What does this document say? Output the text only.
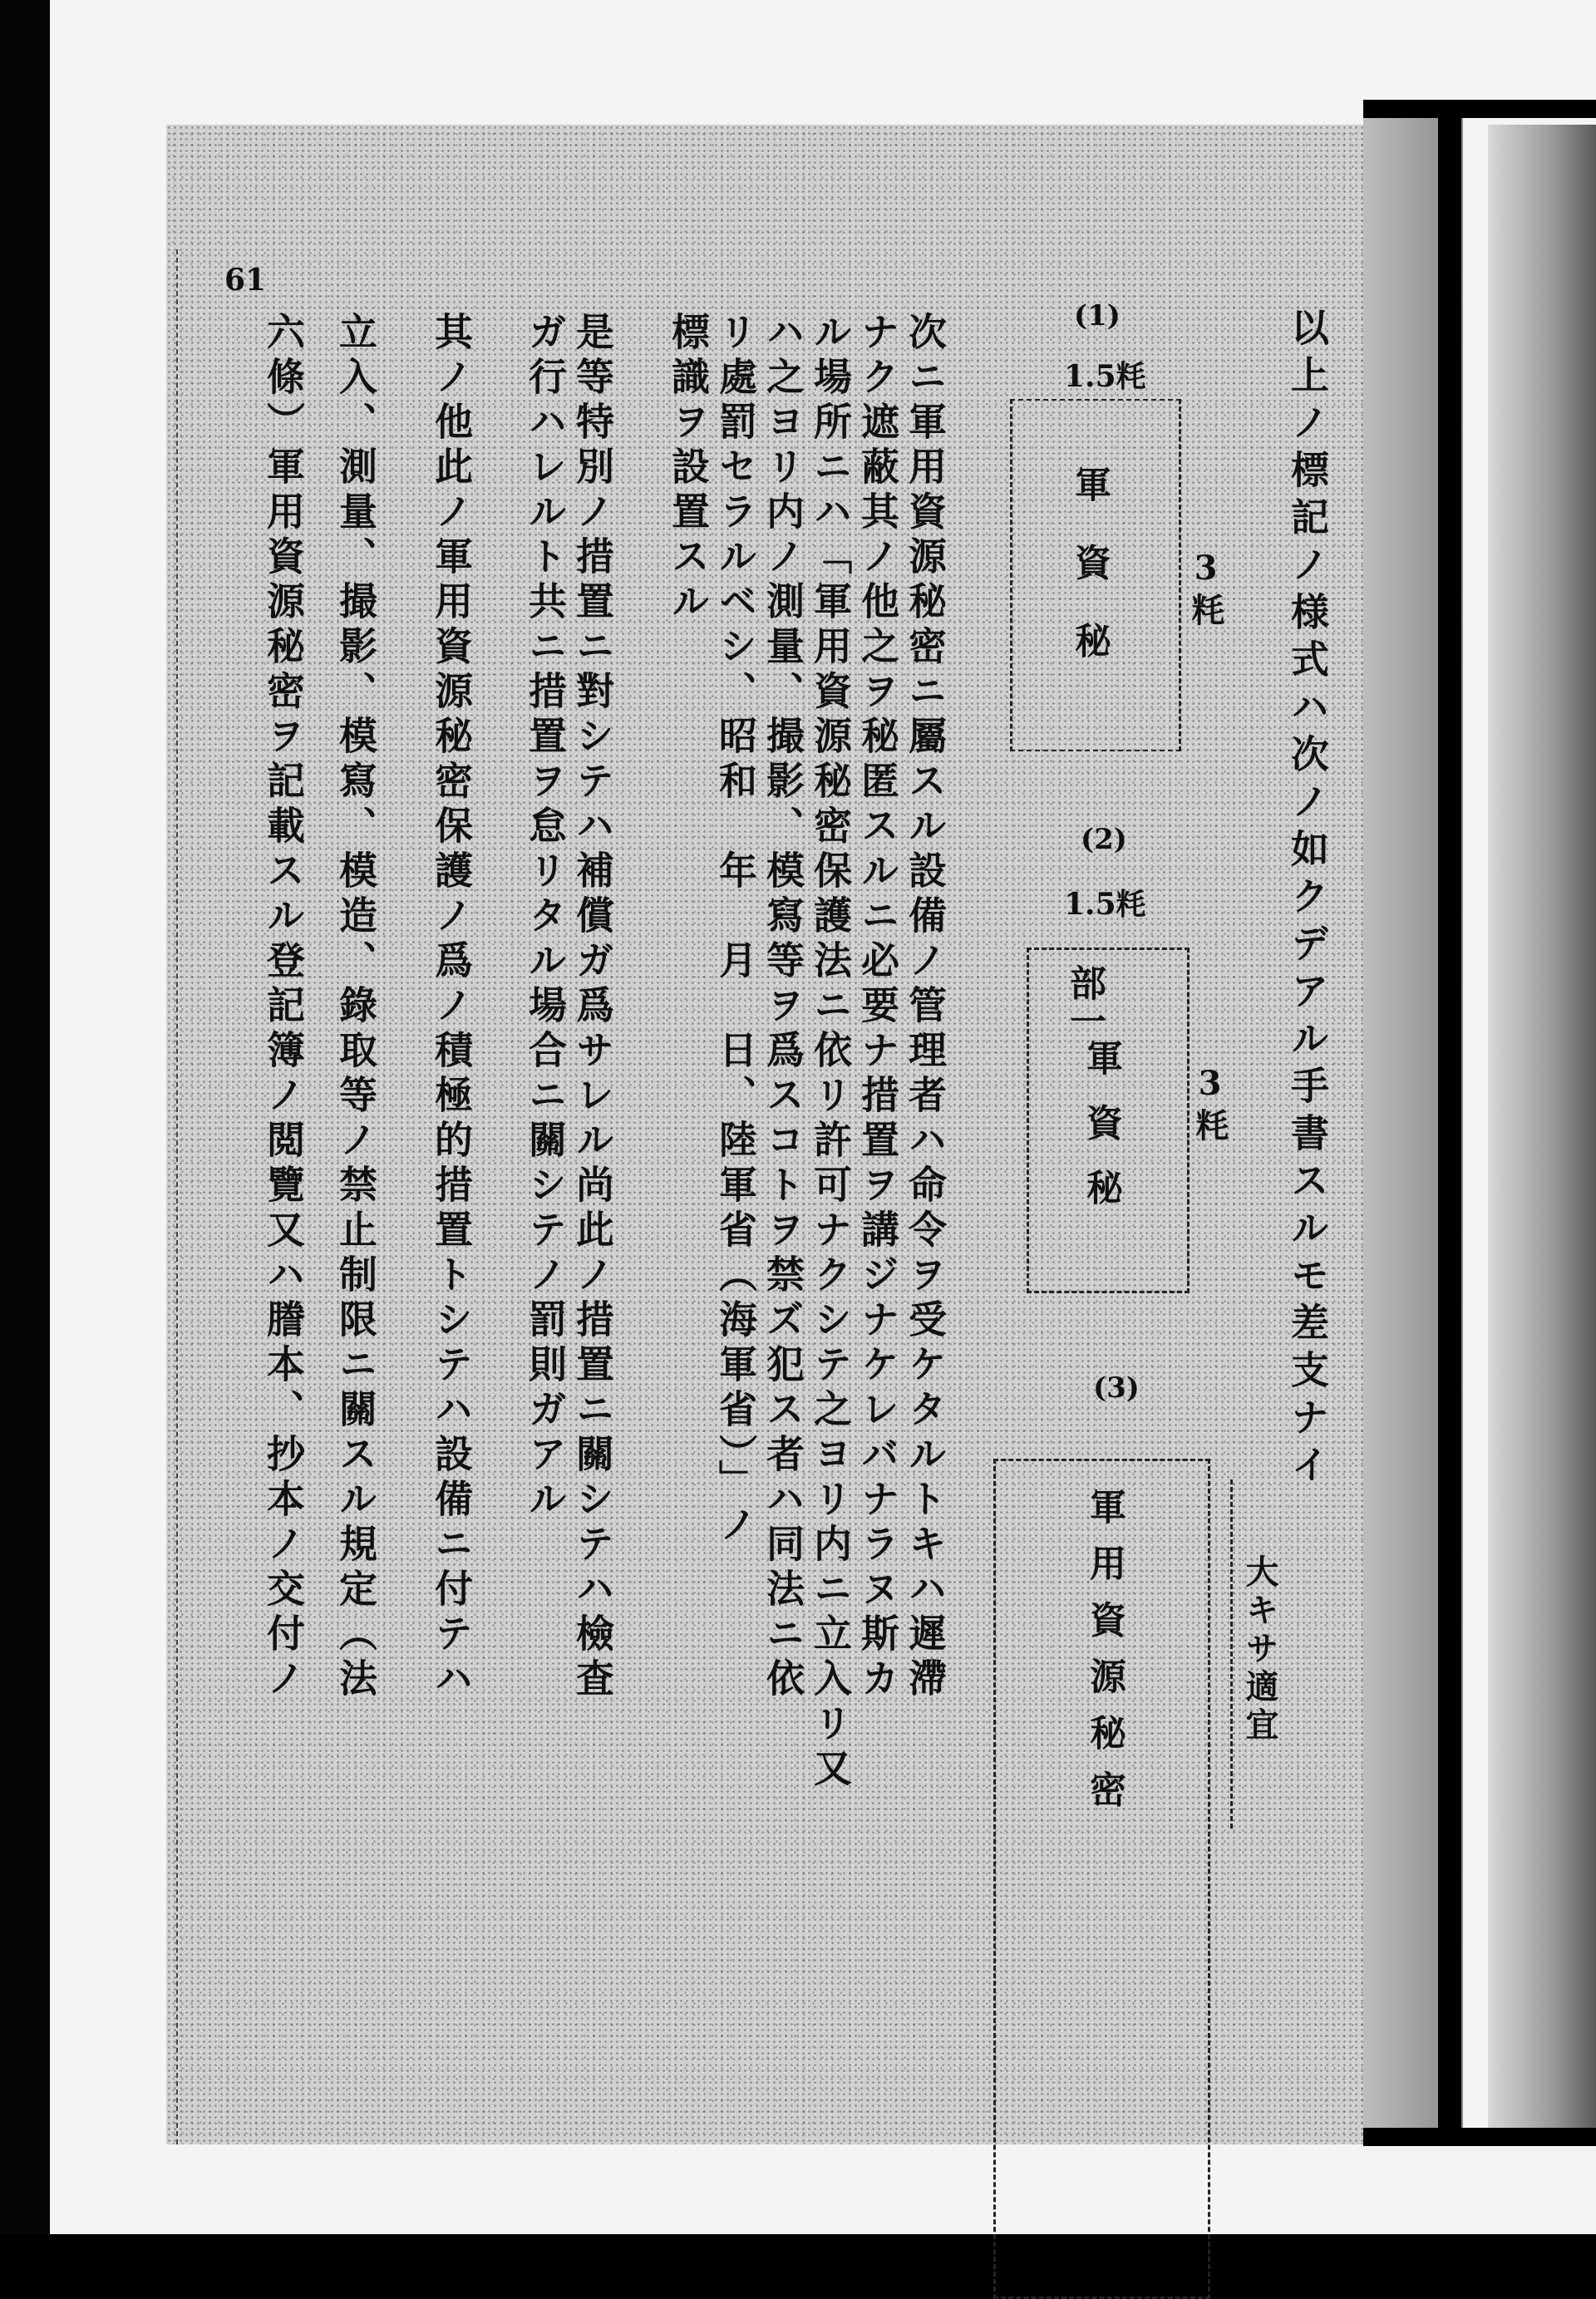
61
以上ノ標記ノ様式ハ次ノ如クデアル手書スルモ差支ナイ
大キサ適宜
(1)
1.5粍
3粍
軍資秘
(2)
1.5粍
3粍
部一
軍資秘
(3)
軍用資源秘密
次ニ軍用資源秘密ニ屬スル設備ノ管理者ハ命令ヲ受ケタルトキハ遲滯
ナク遮蔽其ノ他之ヲ秘匿スルニ必要ナ措置ヲ講ジナケレバナラヌ斯カ
ル場所ニハ「軍用資源秘密保護法ニ依リ許可ナクシテ之ヨリ内ニ立入リ又
ハ之ヨリ内ノ測量、撮影、模寫等ヲ爲スコトヲ禁ズ犯ス者ハ同法ニ依
リ處罰セラルベシ、昭和　年　月　日、陸軍省（海軍省）」ノ
標識ヲ設置スル
是等特別ノ措置ニ對シテハ補償ガ爲サレル尚此ノ措置ニ關シテハ檢査
ガ行ハレルト共ニ措置ヲ怠リタル場合ニ關シテノ罰則ガアル
其ノ他此ノ軍用資源秘密保護ノ爲ノ積極的措置トシテハ設備ニ付テハ
立入、測量、撮影、模寫、模造、錄取等ノ禁止制限ニ關スル規定（法
六條）軍用資源秘密ヲ記載スル登記簿ノ閲覽又ハ謄本、抄本ノ交付ノ
